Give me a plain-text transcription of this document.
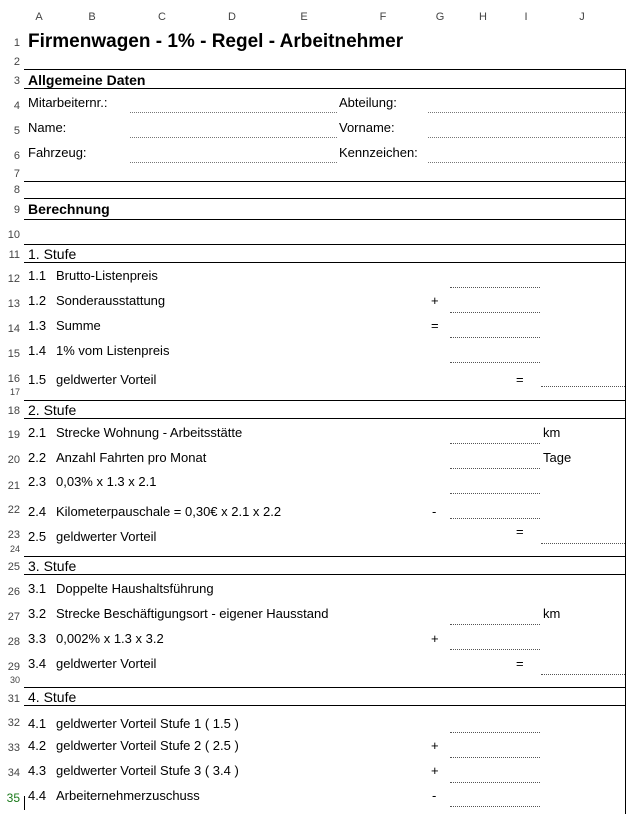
A	B	C	D	E	F	G	H	I	J
1
2
3
4
5
6
7
8
9
10
11
12
13
14
15
16
17
18
19
20
21
22
23
24
25
26
27
28
29
30
31
32
33
34
35
Firmenwagen - 1% - Regel - Arbeitnehmer
Allgemeine Daten
Mitarbeiternr.:	Abteilung:
Name:	Vorname:
Fahrzeug:	Kennzeichen:
Berechnung
1. Stufe
1.1 Brutto-Listenpreis
1.2 Sonderausstattung	+
1.3 Summe	=
1.4 1% vom Listenpreis
1.5 geldwerter Vorteil	=
2. Stufe
2.1 Strecke Wohnung - Arbeitsstätte	km
2.2 Anzahl Fahrten pro Monat	Tage
2.3 0,03% x 1.3 x 2.1
2.4 Kilometerpauschale = 0,30€ x 2.1 x 2.2	-
2.5 geldwerter Vorteil	=
3. Stufe
3.1 Doppelte Haushaltsführung
3.2 Strecke Beschäftigungsort - eigener Hausstand	km
3.3 0,002% x 1.3 x 3.2	+
3.4 geldwerter Vorteil	=
4. Stufe
4.1 geldwerter Vorteil Stufe 1 ( 1.5 )
4.2 geldwerter Vorteil Stufe 2 ( 2.5 )	+
4.3 geldwerter Vorteil Stufe 3 ( 3.4 )	+
4.4 Arbeiternehmerzuschuss	-
